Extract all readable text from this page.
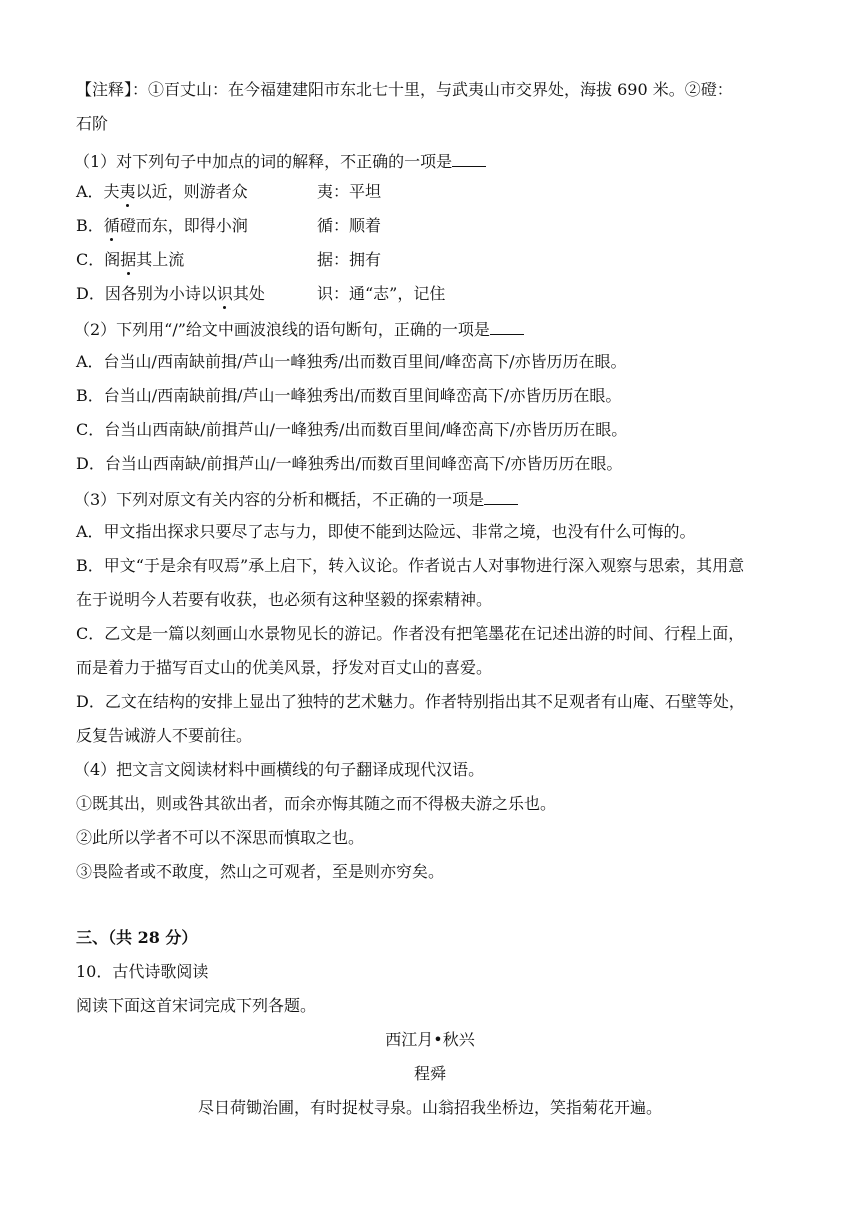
【注释】：①百丈山：在今福建建阳市东北七十里，与武夷山市交界处，海拔 690 米。②磴：
石阶
（1）对下列句子中加点的词的解释，不正确的一项是
A．夫夷以近，则游者众	夷：平坦
B．循磴而东，即得小涧	循：顺着
C．阁据其上流	据：拥有
D．因各别为小诗以识其处	识：通“志”，记住
（2）下列用“/”给文中画波浪线的语句断句，正确的一项是
A．台当山/西南缺前揖/芦山一峰独秀/出而数百里间/峰峦高下/亦皆历历在眼。
B．台当山/西南缺前揖/芦山一峰独秀出/而数百里间峰峦高下/亦皆历历在眼。
C．台当山西南缺/前揖芦山/一峰独秀/出而数百里间/峰峦高下/亦皆历历在眼。
D．台当山西南缺/前揖芦山/一峰独秀出/而数百里间峰峦高下/亦皆历历在眼。
（3）下列对原文有关内容的分析和概括，不正确的一项是
A．甲文指出探求只要尽了志与力，即使不能到达险远、非常之境，也没有什么可悔的。
B．甲文“于是余有叹焉”承上启下，转入议论。作者说古人对事物进行深入观察与思索，其用意
在于说明今人若要有收获，也必须有这种坚毅的探索精神。
C．乙文是一篇以刻画山水景物见长的游记。作者没有把笔墨花在记述出游的时间、行程上面，
而是着力于描写百丈山的优美风景，抒发对百丈山的喜爱。
D．乙文在结构的安排上显出了独特的艺术魅力。作者特别指出其不足观者有山庵、石壁等处，
反复告诫游人不要前往。
（4）把文言文阅读材料中画横线的句子翻译成现代汉语。
①既其出，则或咎其欲出者，而余亦悔其随之而不得极夫游之乐也。
②此所以学者不可以不深思而慎取之也。
③畏险者或不敢度，然山之可观者，至是则亦穷矣。
三、（共 28 分）
10．古代诗歌阅读
阅读下面这首宋词完成下列各题。
西江月•秋兴
程舜
尽日荷锄治圃，有时捉杖寻泉。山翁招我坐桥边，笑指菊花开遍。
